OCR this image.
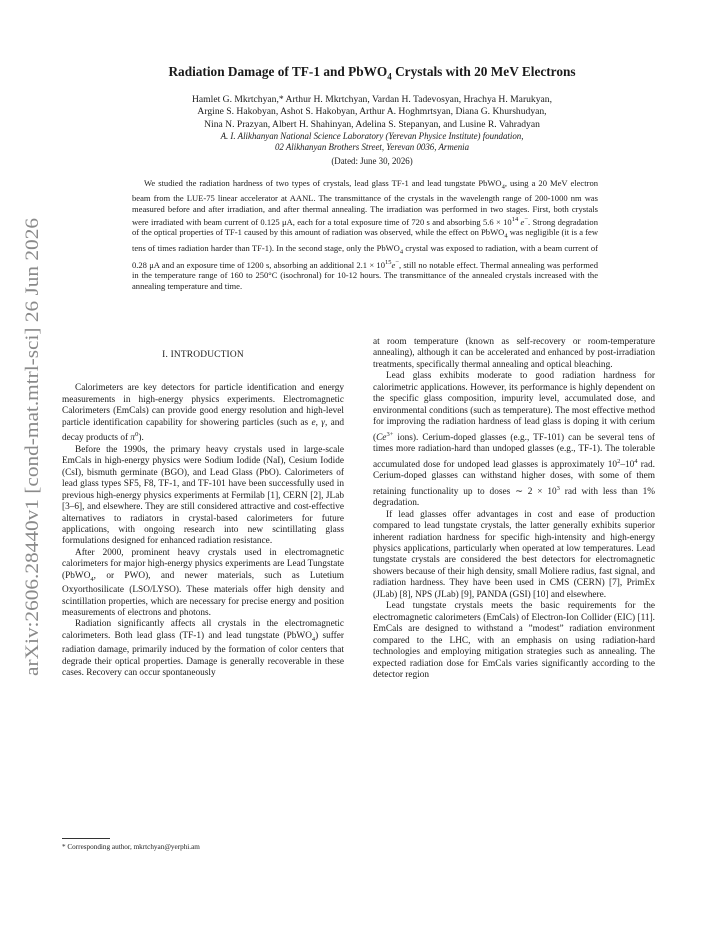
arXiv:2606.28440v1 [cond-mat.mtrl-sci] 26 Jun 2026
Radiation Damage of TF-1 and PbWO$_4$ Crystals with 20 MeV Electrons
Hamlet G. Mkrtchyan,* Arthur H. Mkrtchyan, Vardan H. Tadevosyan, Hrachya H. Marukyan,
Argine S. Hakobyan, Ashot S. Hakobyan, Arthur A. Hoghmrtsyan, Diana G. Khurshudyan,
Nina N. Prazyan, Albert H. Shahinyan, Adelina S. Stepanyan, and Lusine R. Vahradyan
A. I. Alikhanyan National Science Laboratory (Yerevan Physice Institute) foundation,
02 Alikhanyan Brothers Street, Yerevan 0036, Armenia
(Dated: June 30, 2026)

We studied the radiation hardness of two types of crystals, lead glass TF-1 and lead tungstate PbWO$_4$, using a 20 MeV electron beam from the LUE-75 linear accelerator at AANL. The transmittance of the crystals in the wavelength range of 200-1000 nm was measured before and after irradiation, and after thermal annealing. The irradiation was performed in two stages. First, both crystals were irradiated with beam current of 0.125 μA, each for a total exposure time of 720 s and absorbing $5.6 \times 10^{14}$ e−. Strong degradation of the optical properties of TF-1 caused by this amount of radiation was observed, while the effect on PbWO$_4$ was negligible (it is a few tens of times radiation harder than TF-1). In the second stage, only the PbWO$_4$ crystal was exposed to radiation, with a beam current of 0.28 μA and an exposure time of 1200 s, absorbing an additional $2.1 \times 10^{15}e^-$, still no notable effect. Thermal annealing was performed in the temperature range of 160 to 250°C (isochronal) for 10-12 hours. The transmittance of the annealed crystals increased with the annealing temperature and time.

I. INTRODUCTION

Calorimeters are key detectors for particle identification and energy measurements in high-energy physics experiments. Electromagnetic Calorimeters (EmCals) can provide good energy resolution and high-level particle identification capability for showering particles (such as e, γ, and decay products of $\pi^0$).

Before the 1990s, the primary heavy crystals used in large-scale EmCals in high-energy physics were Sodium Iodide (NaI), Cesium Iodide (CsI), bismuth germinate (BGO), and Lead Glass (PbO). Calorimeters of lead glass types SF5, F8, TF-1, and TF-101 have been successfully used in previous high-energy physics experiments at Fermilab [1], CERN [2], JLab [3–6], and elsewhere. They are still considered attractive and cost-effective alternatives to radiators in crystal-based calorimeters for future applications, with ongoing research into new scintillating glass formulations designed for enhanced radiation resistance.

After 2000, prominent heavy crystals used in electromagnetic calorimeters for major high-energy physics experiments are Lead Tungstate (PbWO$_4$, or PWO), and newer materials, such as Lutetium Oxyorthosilicate (LSO/LYSO). These materials offer high density and scintillation properties, which are necessary for precise energy and position measurements of electrons and photons.

Radiation significantly affects all crystals in the electromagnetic calorimeters. Both lead glass (TF-1) and lead tungstate (PbWO$_4$) suffer radiation damage, primarily induced by the formation of color centers that degrade their optical properties. Damage is generally recoverable in these cases. Recovery can occur spontaneously

at room temperature (known as self-recovery or room-temperature annealing), although it can be accelerated and enhanced by post-irradiation treatments, specifically thermal annealing and optical bleaching.

Lead glass exhibits moderate to good radiation hardness for calorimetric applications. However, its performance is highly dependent on the specific glass composition, impurity level, accumulated dose, and environmental conditions (such as temperature). The most effective method for improving the radiation hardness of lead glass is doping it with cerium ($Ce^{3+}$ ions). Cerium-doped glasses (e.g., TF-101) can be several tens of times more radiation-hard than undoped glasses (e.g., TF-1). The tolerable accumulated dose for undoped lead glasses is approximately $10^2-10^4$ rad. Cerium-doped glasses can withstand higher doses, with some of them retaining functionality up to doses ∼ $2 \times 10^3$ rad with less than 1% degradation.

If lead glasses offer advantages in cost and ease of production compared to lead tungstate crystals, the latter generally exhibits superior inherent radiation hardness for specific high-intensity and high-energy physics applications, particularly when operated at low temperatures. Lead tungstate crystals are considered the best detectors for electromagnetic showers because of their high density, small Moliere radius, fast signal, and radiation hardness. They have been used in CMS (CERN) [7], PrimEx (JLab) [8], NPS (JLab) [9], PANDA (GSI) [10] and elsewhere.

Lead tungstate crystals meets the basic requirements for the electromagnetic calorimeters (EmCals) of Electron-Ion Collider (EIC) [11]. EmCals are designed to withstand a ”modest” radiation environment compared to the LHC, with an emphasis on using radiation-hard technologies and employing mitigation strategies such as annealing. The expected radiation dose for EmCals varies significantly according to the detector region

* Corresponding author, mkrtchyan@yerphi.am
